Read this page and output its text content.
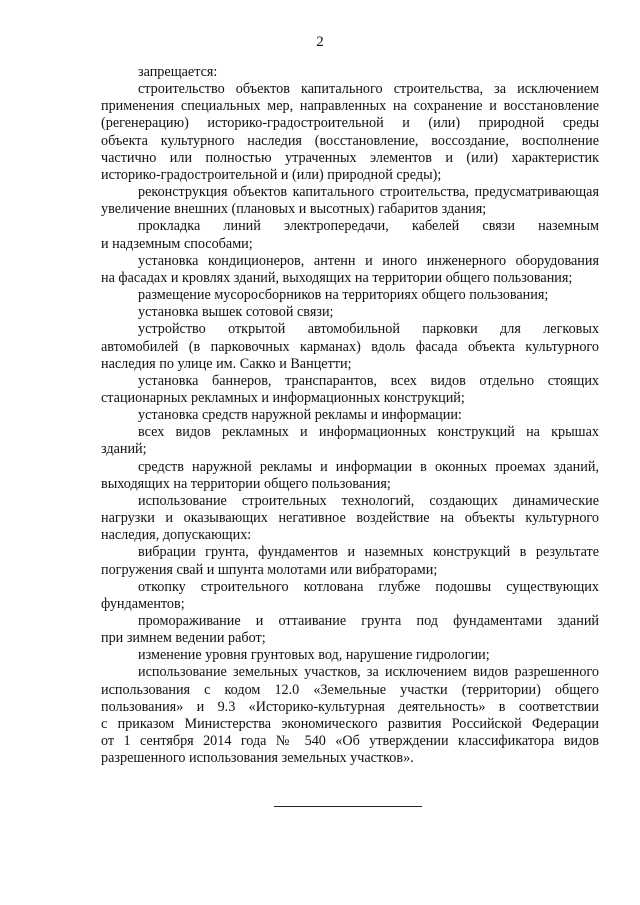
2
запрещается:
строительство объектов капитального строительства, за исключением
применения специальных мер, направленных на сохранение и восстановление
(регенерацию) историко-градостроительной и (или) природной среды
объекта культурного наследия (восстановление, воссоздание, восполнение
частично или полностью утраченных элементов и (или) характеристик
историко-градостроительной и (или) природной среды);
реконструкция объектов капитального строительства, предусматривающая
увеличение внешних (плановых и высотных) габаритов здания;
прокладка линий электропередачи, кабелей связи наземным
и надземным способами;
установка кондиционеров, антенн и иного инженерного оборудования
на фасадах и кровлях зданий, выходящих на территории общего пользования;
размещение мусоросборников на территориях общего пользования;
установка вышек сотовой связи;
устройство открытой автомобильной парковки для легковых
автомобилей (в парковочных карманах) вдоль фасада объекта культурного
наследия по улице им. Сакко и Ванцетти;
установка баннеров, транспарантов, всех видов отдельно стоящих
стационарных рекламных и информационных конструкций;
установка средств наружной рекламы и информации:
всех видов рекламных и информационных конструкций на крышах
зданий;
средств наружной рекламы и информации в оконных проемах зданий,
выходящих на территории общего пользования;
использование строительных технологий, создающих динамические
нагрузки и оказывающих негативное воздействие на объекты культурного
наследия, допускающих:
вибрации грунта, фундаментов и наземных конструкций в результате
погружения свай и шпунта молотами или вибраторами;
откопку строительного котлована глубже подошвы существующих
фундаментов;
промораживание и оттаивание грунта под фундаментами зданий
при зимнем ведении работ;
изменение уровня грунтовых вод, нарушение гидрологии;
использование земельных участков, за исключением видов разрешенного
использования с кодом 12.0 «Земельные участки (территории) общего
пользования» и 9.3 «Историко-культурная деятельность» в соответствии
с приказом Министерства экономического развития Российской Федерации
от 1 сентября 2014 года № 540 «Об утверждении классификатора видов
разрешенного использования земельных участков».
